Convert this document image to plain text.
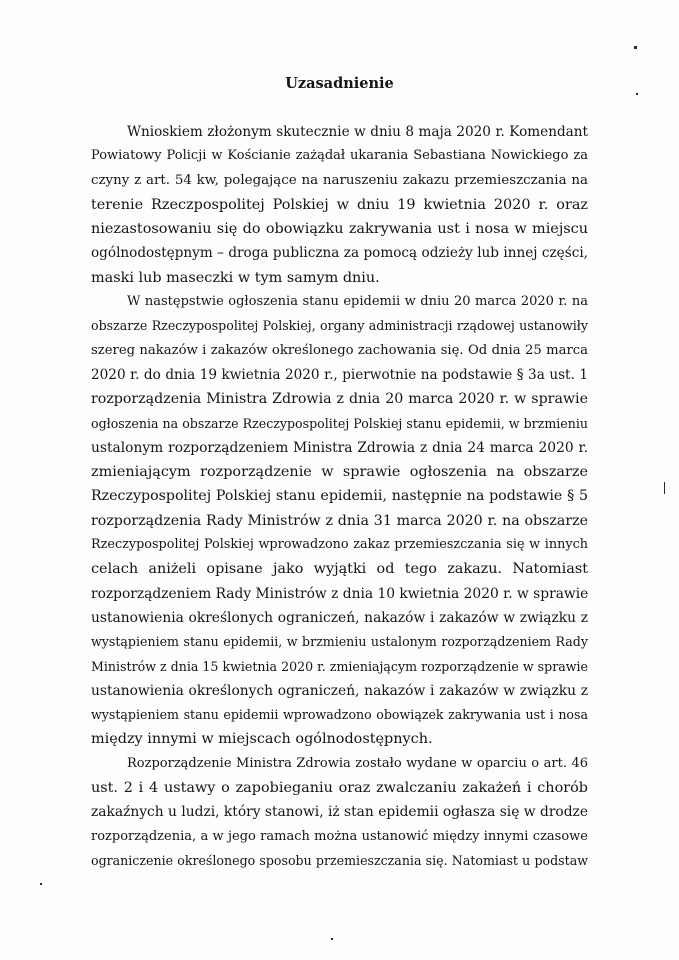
Uzasadnienie
Wnioskiem złożonym skutecznie w dniu 8 maja 2020 r. Komendant
Powiatowy Policji w Kościanie zażądał ukarania Sebastiana Nowickiego za
czyny z art. 54 kw, polegające na naruszeniu zakazu przemieszczania na
terenie Rzeczpospolitej Polskiej w dniu 19 kwietnia 2020 r. oraz
niezastosowaniu się do obowiązku zakrywania ust i nosa w miejscu
ogólnodostępnym – droga publiczna za pomocą odzieży lub innej części,
maski lub maseczki w tym samym dniu.
W następstwie ogłoszenia stanu epidemii w dniu 20 marca 2020 r. na
obszarze Rzeczypospolitej Polskiej, organy administracji rządowej ustanowiły
szereg nakazów i zakazów określonego zachowania się. Od dnia 25 marca
2020 r. do dnia 19 kwietnia 2020 r., pierwotnie na podstawie § 3a ust. 1
rozporządzenia Ministra Zdrowia z dnia 20 marca 2020 r. w sprawie
ogłoszenia na obszarze Rzeczypospolitej Polskiej stanu epidemii, w brzmieniu
ustalonym rozporządzeniem Ministra Zdrowia z dnia 24 marca 2020 r.
zmieniającym rozporządzenie w sprawie ogłoszenia na obszarze
Rzeczypospolitej Polskiej stanu epidemii, następnie na podstawie § 5
rozporządzenia Rady Ministrów z dnia 31 marca 2020 r. na obszarze
Rzeczypospolitej Polskiej wprowadzono zakaz przemieszczania się w innych
celach aniżeli opisane jako wyjątki od tego zakazu. Natomiast
rozporządzeniem Rady Ministrów z dnia 10 kwietnia 2020 r. w sprawie
ustanowienia określonych ograniczeń, nakazów i zakazów w związku z
wystąpieniem stanu epidemii, w brzmieniu ustalonym rozporządzeniem Rady
Ministrów z dnia 15 kwietnia 2020 r. zmieniającym rozporządzenie w sprawie
ustanowienia określonych ograniczeń, nakazów i zakazów w związku z
wystąpieniem stanu epidemii wprowadzono obowiązek zakrywania ust i nosa
między innymi w miejscach ogólnodostępnych.
Rozporządzenie Ministra Zdrowia zostało wydane w oparciu o art. 46
ust. 2 i 4 ustawy o zapobieganiu oraz zwalczaniu zakażeń i chorób
zakaźnych u ludzi, który stanowi, iż stan epidemii ogłasza się w drodze
rozporządzenia, a w jego ramach można ustanowić między innymi czasowe
ograniczenie określonego sposobu przemieszczania się. Natomiast u podstaw
